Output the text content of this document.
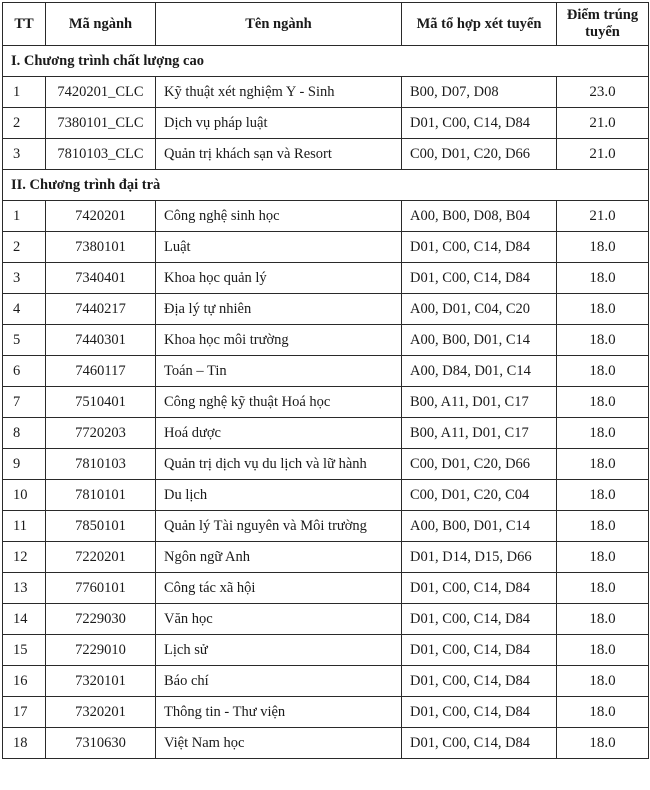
TT	Mã ngành	Tên ngành	Mã tổ hợp xét tuyển	Điểm trúng tuyển
I. Chương trình chất lượng cao				
1	7420201_CLC	Kỹ thuật xét nghiệm Y - Sinh	B00, D07, D08	23.0
2	7380101_CLC	Dịch vụ pháp luật	D01, C00, C14, D84	21.0
3	7810103_CLC	Quản trị khách sạn và Resort	C00, D01, C20, D66	21.0
II. Chương trình đại trà				
1	7420201	Công nghệ sinh học	A00, B00, D08, B04	21.0
2	7380101	Luật	D01, C00, C14, D84	18.0
3	7340401	Khoa học quản lý	D01, C00, C14, D84	18.0
4	7440217	Địa lý tự nhiên	A00, D01, C04, C20	18.0
5	7440301	Khoa học môi trường	A00, B00, D01, C14	18.0
6	7460117	Toán – Tin	A00, D84, D01, C14	18.0
7	7510401	Công nghệ kỹ thuật Hoá học	B00, A11, D01, C17	18.0
8	7720203	Hoá dược	B00, A11, D01, C17	18.0
9	7810103	Quản trị dịch vụ du lịch và lữ hành	C00, D01, C20, D66	18.0
10	7810101	Du lịch	C00, D01, C20, C04	18.0
11	7850101	Quản lý Tài nguyên và Môi trường	A00, B00, D01, C14	18.0
12	7220201	Ngôn ngữ Anh	D01, D14, D15, D66	18.0
13	7760101	Công tác xã hội	D01, C00, C14, D84	18.0
14	7229030	Văn học	D01, C00, C14, D84	18.0
15	7229010	Lịch sử	D01, C00, C14, D84	18.0
16	7320101	Báo chí	D01, C00, C14, D84	18.0
17	7320201	Thông tin - Thư viện	D01, C00, C14, D84	18.0
18	7310630	Việt Nam học	D01, C00, C14, D84	18.0
